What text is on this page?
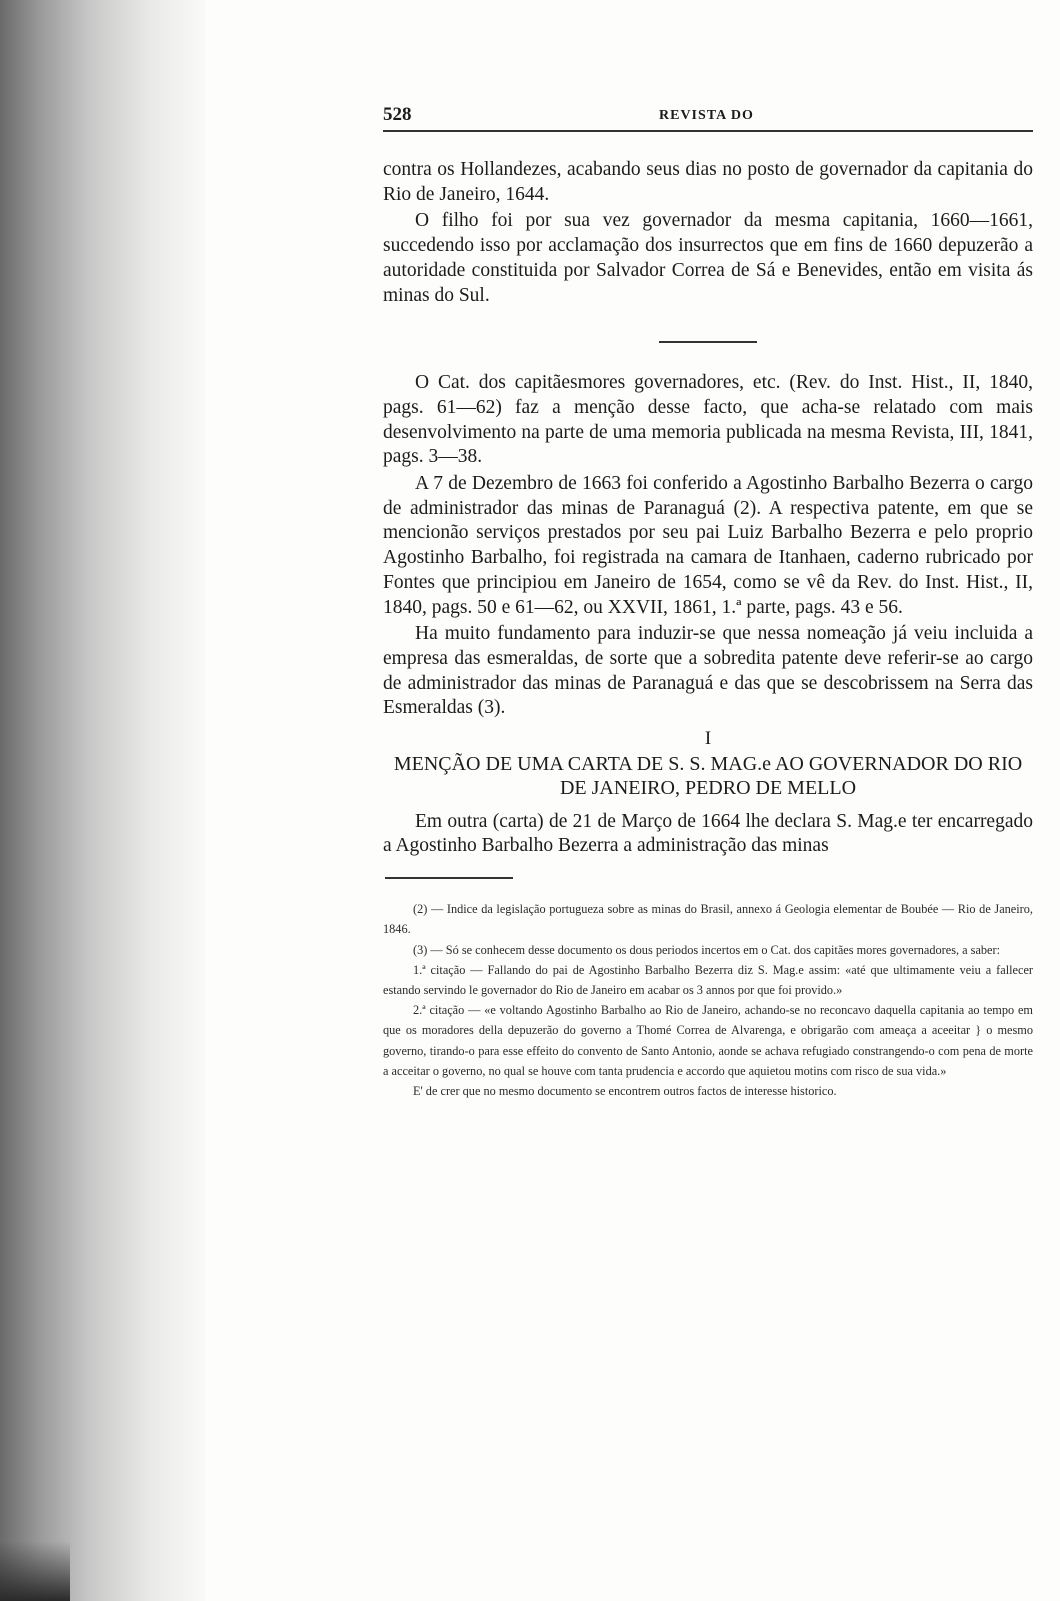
528	REVISTA DO

contra os Hollandezes, acabando seus dias no posto de governador da capitania do Rio de Janeiro, 1644.

O filho foi por sua vez governador da mesma capitania, 1660—1661, succedendo isso por acclamação dos insurrectos que em fins de 1660 depuzerão a autoridade constituida por Salvador Correa de Sá e Benevides, então em visita ás minas do Sul.

O Cat. dos capitãesmores governadores, etc. (Rev. do Inst. Hist., II, 1840, pags. 61—62) faz a menção desse facto, que acha-se relatado com mais desenvolvimento na parte de uma memoria publicada na mesma Revista, III, 1841, pags. 3—38.

A 7 de Dezembro de 1663 foi conferido a Agostinho Barbalho Bezerra o cargo de administrador das minas de Paranaguá (2). A respectiva patente, em que se mencionão serviços prestados por seu pai Luiz Barbalho Bezerra e pelo proprio Agostinho Barbalho, foi registrada na camara de Itanhaen, caderno rubricado por Fontes que principiou em Janeiro de 1654, como se vê da Rev. do Inst. Hist., II, 1840, pags. 50 e 61—62, ou XXVII, 1861, 1.ª parte, pags. 43 e 56.

Ha muito fundamento para induzir-se que nessa nomeação já veiu incluida a empresa das esmeraldas, de sorte que a sobredita patente deve referir-se ao cargo de administrador das minas de Paranaguá e das que se descobrissem na Serra das Esmeraldas (3).

I
MENÇÃO DE UMA CARTA DE S. S. MAG.e AO GOVERNADOR DO RIO
DE JANEIRO, PEDRO DE MELLO

Em outra (carta) de 21 de Março de 1664 lhe declara S. Mag.e ter encarregado a Agostinho Barbalho Bezerra a administração das minas

(2) — Indice da legislação portugueza sobre as minas do Brasil, annexo á Geologia elementar de Boubée — Rio de Janeiro, 1846.

(3) — Só se conhecem desse documento os dous periodos incertos em o Cat. dos capitães mores governadores, a saber:

1.ª citação — Fallando do pai de Agostinho Barbalho Bezerra diz S. Mag.e assim: «até que ultimamente veiu a fallecer estando servindo le governador do Rio de Janeiro em acabar os 3 annos por que foi provido.»

2.ª citação — «e voltando Agostinho Barbalho ao Rio de Janeiro, achando-se no reconcavo daquella capitania ao tempo em que os moradores della depuzerão do governo a Thomé Correa de Alvarenga, e obrigarão com ameaça a aceeitar } o mesmo governo, tirando-o para esse effeito do convento de Santo Antonio, aonde se achava refugiado constrangendo-o com pena de morte a acceitar o governo, no qual se houve com tanta prudencia e accordo que aquietou motins com risco de sua vida.»

E' de crer que no mesmo documento se encontrem outros factos de interesse historico.
